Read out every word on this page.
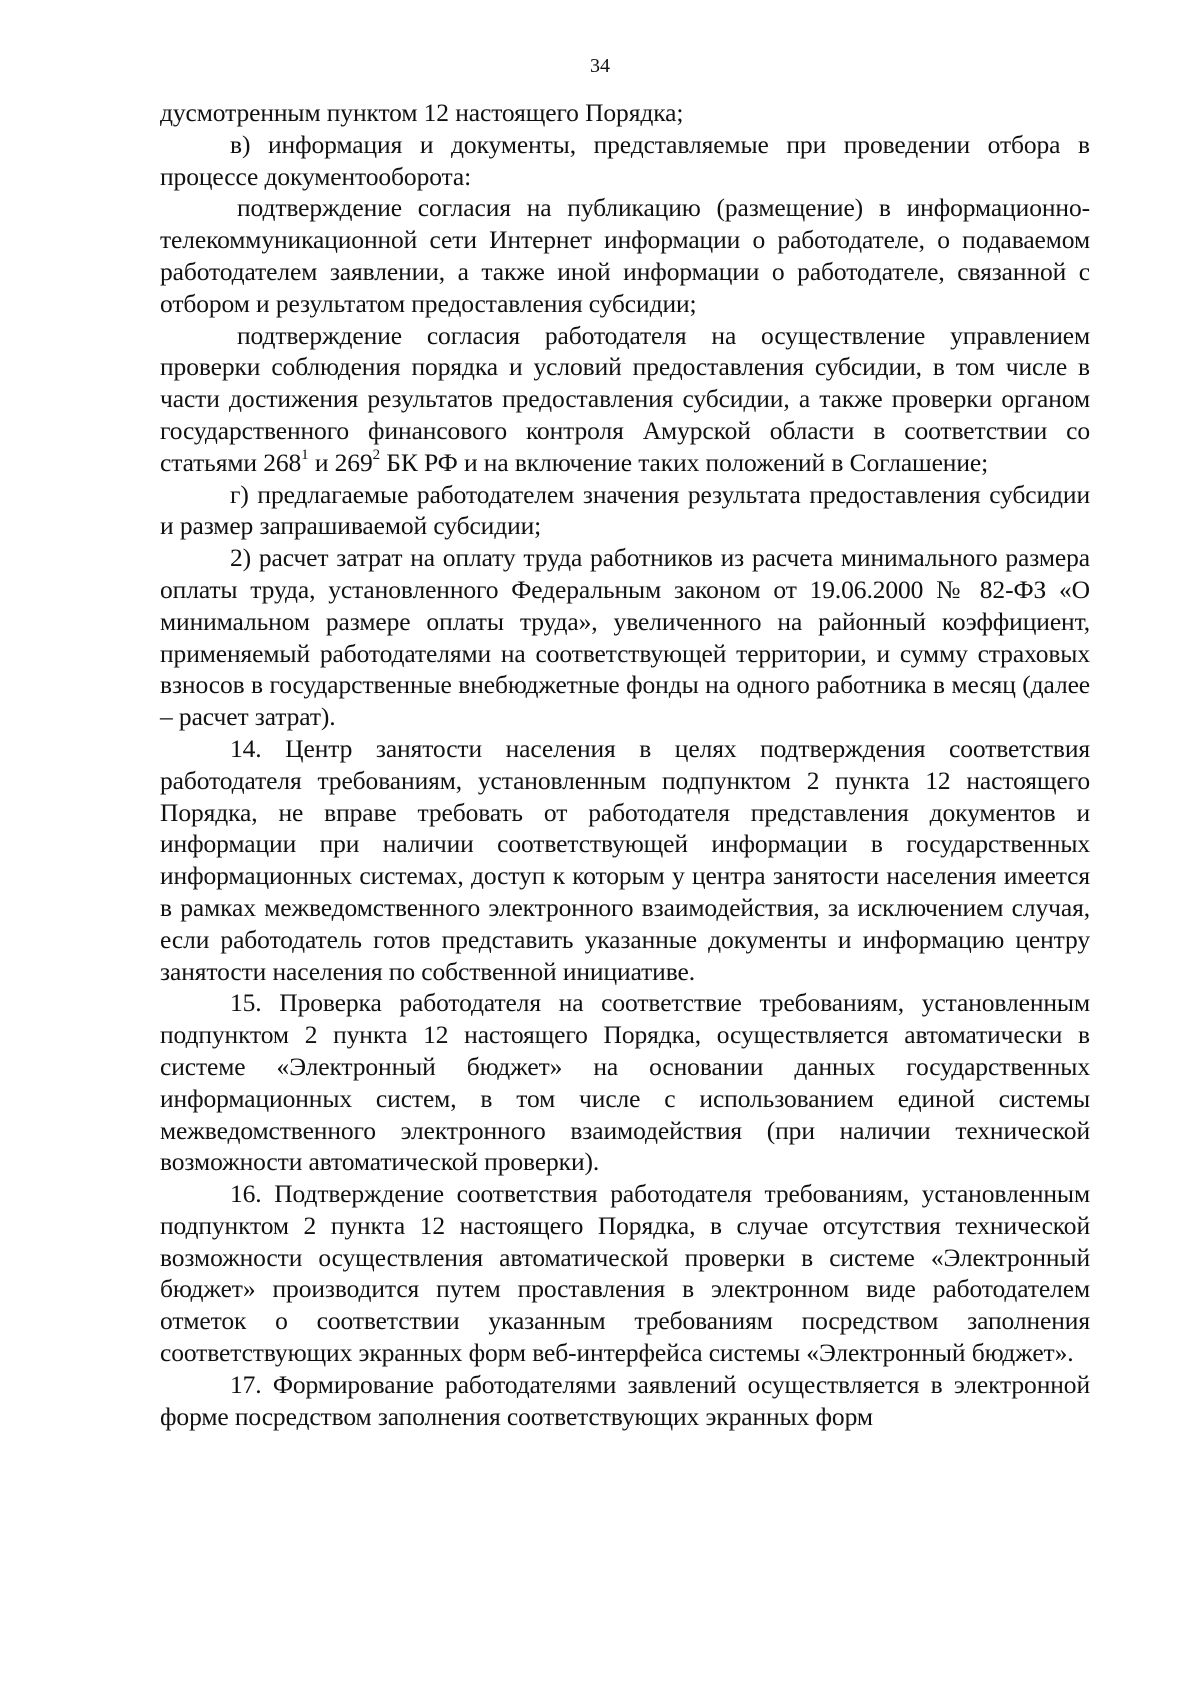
34

дусмотренным пунктом 12 настоящего Порядка;

в) информация и документы, представляемые при проведении отбора в процессе документооборота:

подтверждение согласия на публикацию (размещение) в информационно-телекоммуникационной сети Интернет информации о работодателе, о подаваемом работодателем заявлении, а также иной информации о работодателе, связанной с отбором и результатом предоставления субсидии;

подтверждение согласия работодателя на осуществление управлением проверки соблюдения порядка и условий предоставления субсидии, в том числе в части достижения результатов предоставления субсидии, а также проверки органом государственного финансового контроля Амурской области в соответствии со статьями $268^1$ и $269^2$ БК РФ и на включение таких положений в Соглашение;

г) предлагаемые работодателем значения результата предоставления субсидии и размер запрашиваемой субсидии;

2) расчет затрат на оплату труда работников из расчета минимального размера оплаты труда, установленного Федеральным законом от 19.06.2000 № 82-ФЗ «О минимальном размере оплаты труда», увеличенного на районный коэффициент, применяемый работодателями на соответствующей территории, и сумму страховых взносов в государственные внебюджетные фонды на одного работника в месяц (далее – расчет затрат).

14. Центр занятости населения в целях подтверждения соответствия работодателя требованиям, установленным подпунктом 2 пункта 12 настоящего Порядка, не вправе требовать от работодателя представления документов и информации при наличии соответствующей информации в государственных информационных системах, доступ к которым у центра занятости населения имеется в рамках межведомственного электронного взаимодействия, за исключением случая, если работодатель готов представить указанные документы и информацию центру занятости населения по собственной инициативе.

15. Проверка работодателя на соответствие требованиям, установленным подпунктом 2 пункта 12 настоящего Порядка, осуществляется автоматически в системе «Электронный бюджет» на основании данных государственных информационных систем, в том числе с использованием единой системы межведомственного электронного взаимодействия (при наличии технической возможности автоматической проверки).

16. Подтверждение соответствия работодателя требованиям, установленным подпунктом 2 пункта 12 настоящего Порядка, в случае отсутствия технической возможности осуществления автоматической проверки в системе «Электронный бюджет» производится путем проставления в электронном виде работодателем отметок о соответствии указанным требованиям посредством заполнения соответствующих экранных форм веб-интерфейса системы «Электронный бюджет».

17. Формирование работодателями заявлений осуществляется в электронной форме посредством заполнения соответствующих экранных форм
